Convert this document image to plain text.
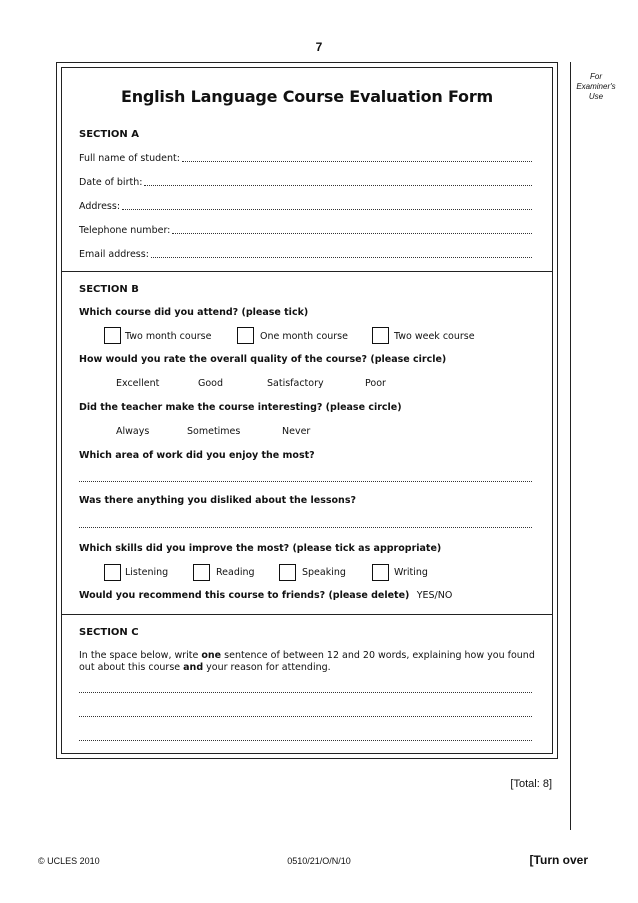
7
For
Examiner's
Use
English Language Course Evaluation Form
SECTION A
Full name of student:
Date of birth:
Address:
Telephone number:
Email address:
SECTION B
Which course did you attend? (please tick)
Two month course	One month course	Two week course
How would you rate the overall quality of the course? (please circle)
Excellent	Good	Satisfactory	Poor
Did the teacher make the course interesting? (please circle)
Always	Sometimes	Never
Which area of work did you enjoy the most?
Was there anything you disliked about the lessons?
Which skills did you improve the most? (please tick as appropriate)
Listening	Reading	Speaking	Writing
Would you recommend this course to friends? (please delete) YES/NO
SECTION C
In the space below, write one sentence of between 12 and 20 words, explaining how you found out about this course and your reason for attending.
[Total: 8]
© UCLES 2010	0510/21/O/N/10	[Turn over
